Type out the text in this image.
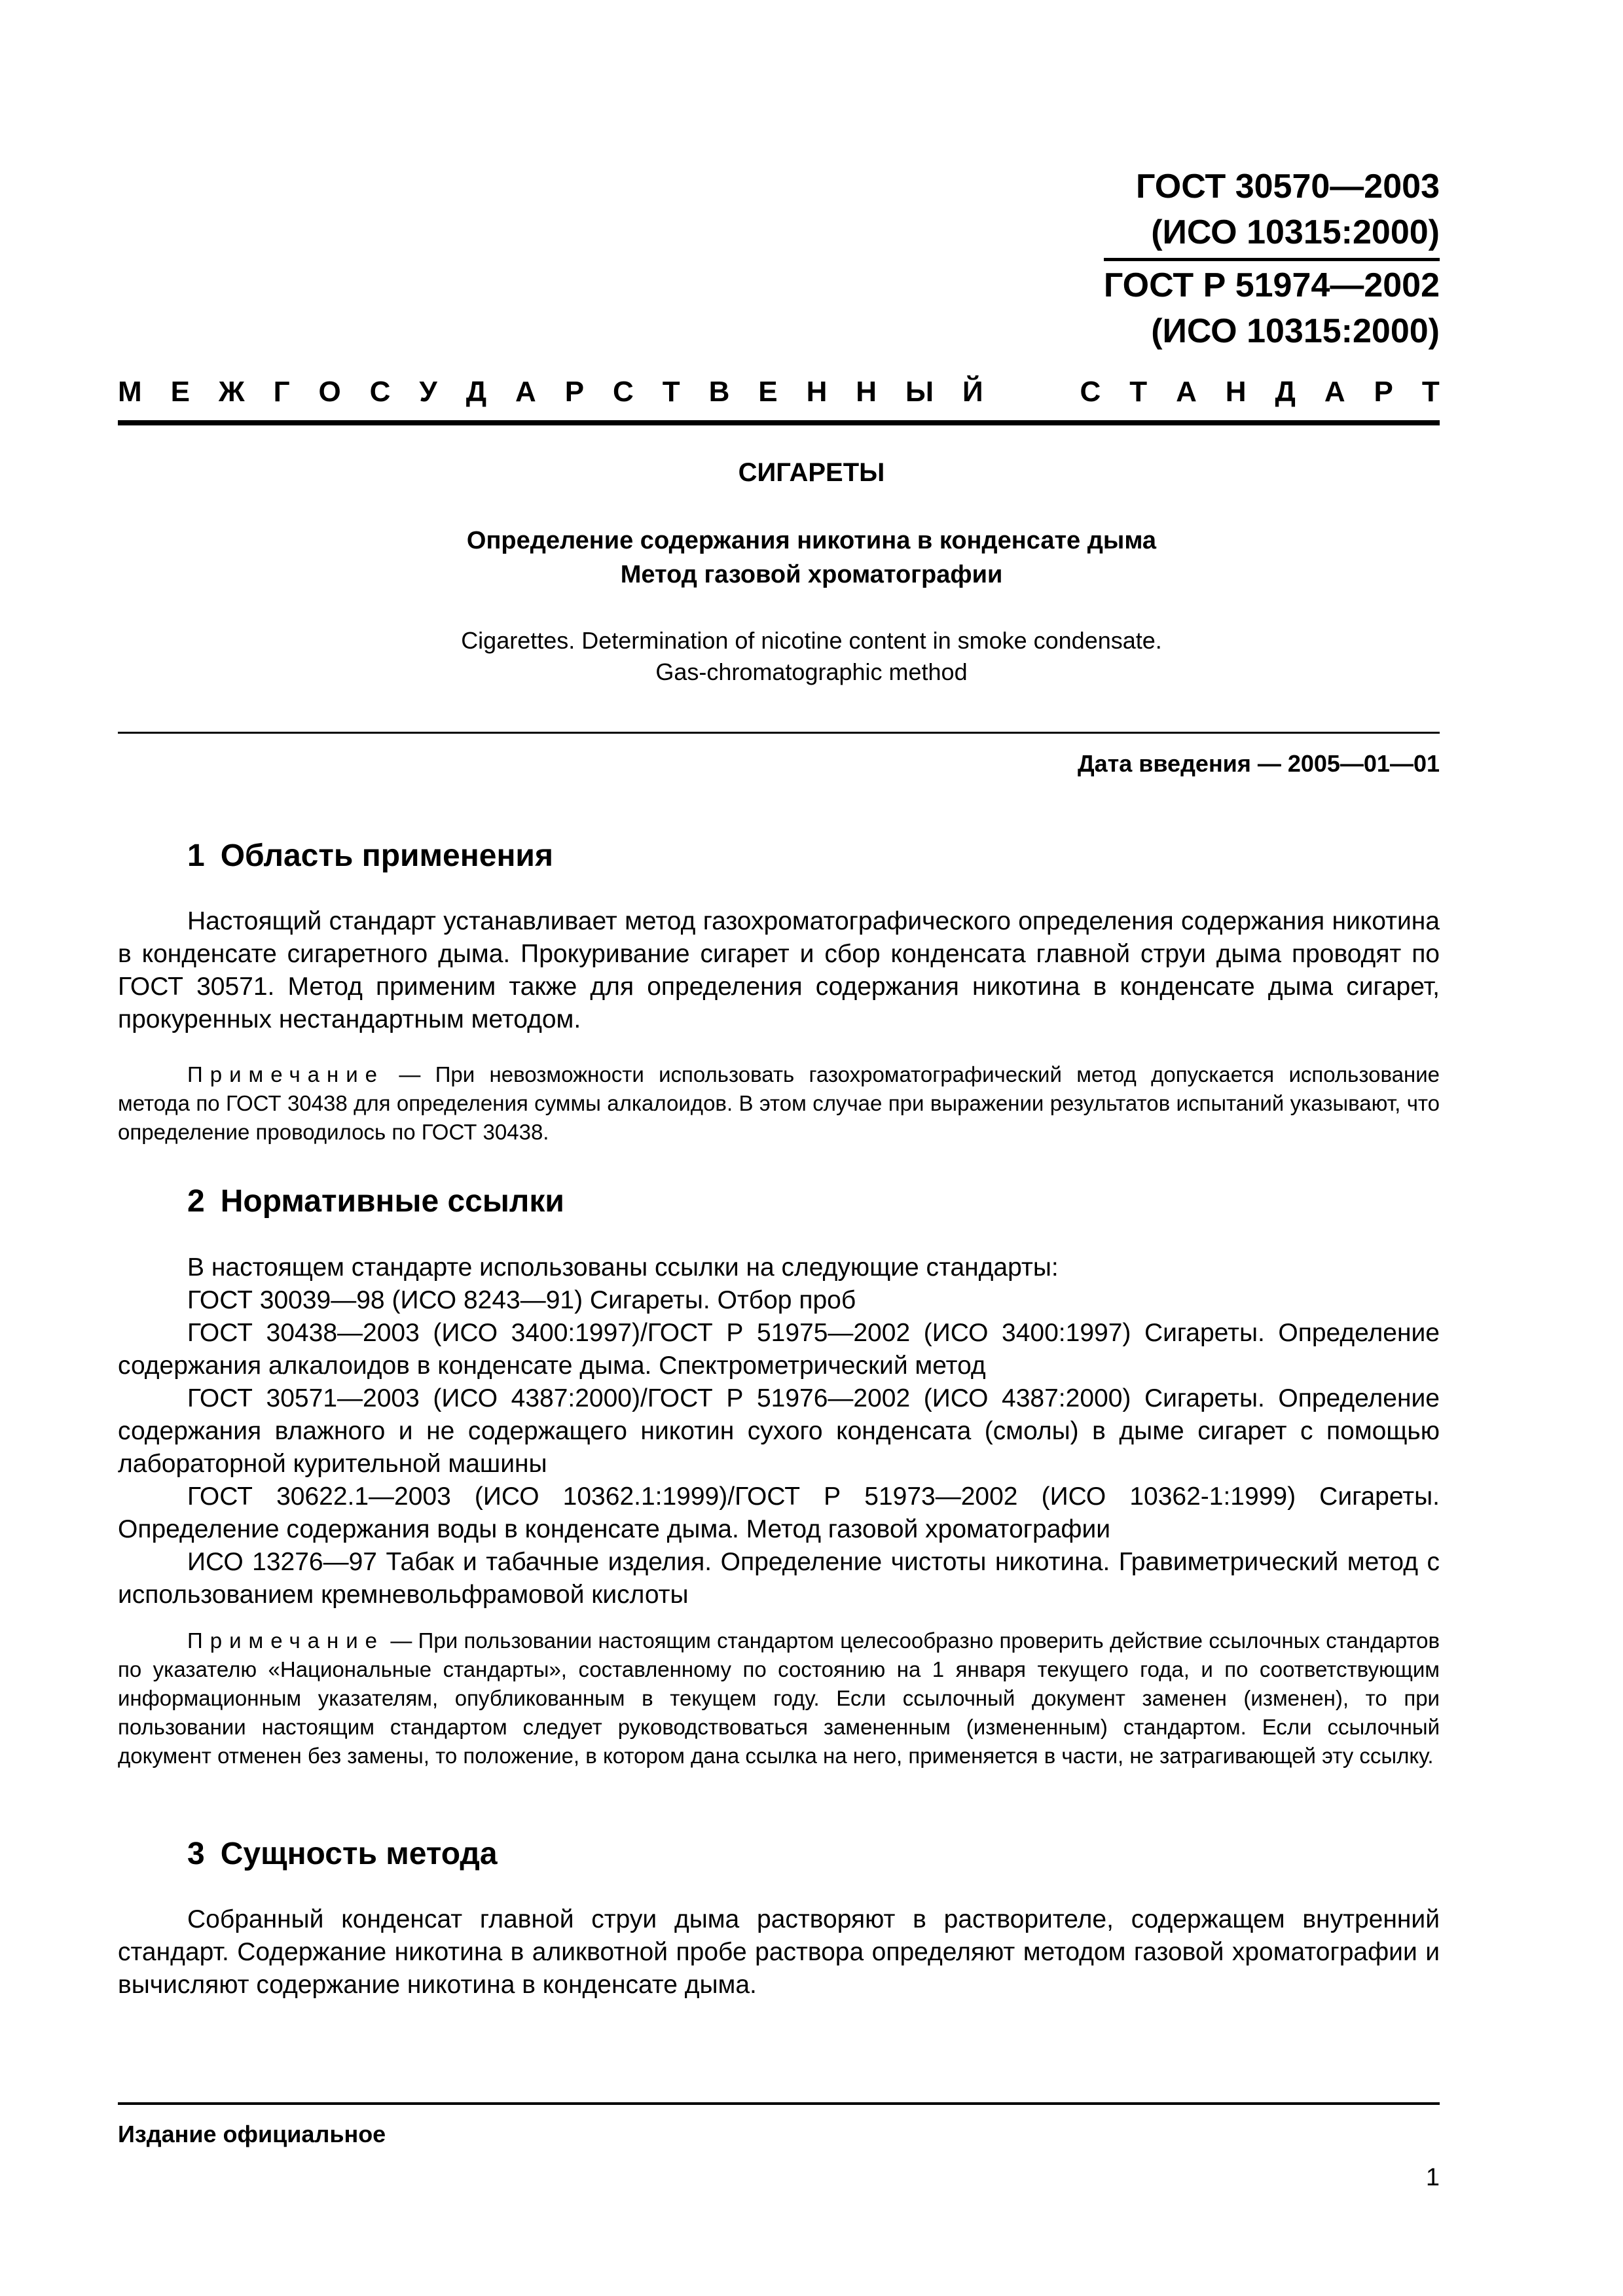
ГОСТ 30570—2003
(ИСО 10315:2000)
ГОСТ Р 51974—2002
(ИСО 10315:2000)
М Е Ж Г О С У Д А Р С Т В Е Н Н Ы Й	С Т А Н Д А Р Т
СИГАРЕТЫ
Определение содержания никотина в конденсате дыма
Метод газовой хроматографии
Cigarettes. Determination of nicotine content in smoke condensate.
Gas-chromatographic method
Дата введения — 2005—01—01
1 Область применения

Настоящий стандарт устанавливает метод газохроматографического определения содержания никотина в конденсате сигаретного дыма. Прокуривание сигарет и сбор конденсата главной струи дыма проводят по ГОСТ 30571. Метод применим также для определения содержания никотина в конденсате дыма сигарет, прокуренных нестандартным методом.

Примечание — При невозможности использовать газохроматографический метод допускается использование метода по ГОСТ 30438 для определения суммы алкалоидов. В этом случае при выражении результатов испытаний указывают, что определение проводилось по ГОСТ 30438.

2 Нормативные ссылки

В настоящем стандарте использованы ссылки на следующие стандарты:

ГОСТ 30039—98 (ИСО 8243—91) Сигареты. Отбор проб

ГОСТ 30438—2003 (ИСО 3400:1997)/ГОСТ Р 51975—2002 (ИСО 3400:1997) Сигареты. Определение содержания алкалоидов в конденсате дыма. Спектрометрический метод

ГОСТ 30571—2003 (ИСО 4387:2000)/ГОСТ Р 51976—2002 (ИСО 4387:2000) Сигареты. Определение содержания влажного и не содержащего никотин сухого конденсата (смолы) в дыме сигарет с помощью лабораторной курительной машины

ГОСТ 30622.1—2003 (ИСО 10362.1:1999)/ГОСТ Р 51973—2002 (ИСО 10362-1:1999) Сигареты. Определение содержания воды в конденсате дыма. Метод газовой хроматографии

ИСО 13276—97 Табак и табачные изделия. Определение чистоты никотина. Гравиметрический метод с использованием кремневольфрамовой кислоты

Примечание — При пользовании настоящим стандартом целесообразно проверить действие ссылочных стандартов по указателю «Национальные стандарты», составленному по состоянию на 1 января текущего года, и по соответствующим информационным указателям, опубликованным в текущем году. Если ссылочный документ заменен (изменен), то при пользовании настоящим стандартом следует руководствоваться замененным (измененным) стандартом. Если ссылочный документ отменен без замены, то положение, в котором дана ссылка на него, применяется в части, не затрагивающей эту ссылку.

3 Сущность метода

Собранный конденсат главной струи дыма растворяют в растворителе, содержащем внутренний стандарт. Содержание никотина в аликвотной пробе раствора определяют методом газовой хроматографии и вычисляют содержание никотина в конденсате дыма.

Издание официальное
1
